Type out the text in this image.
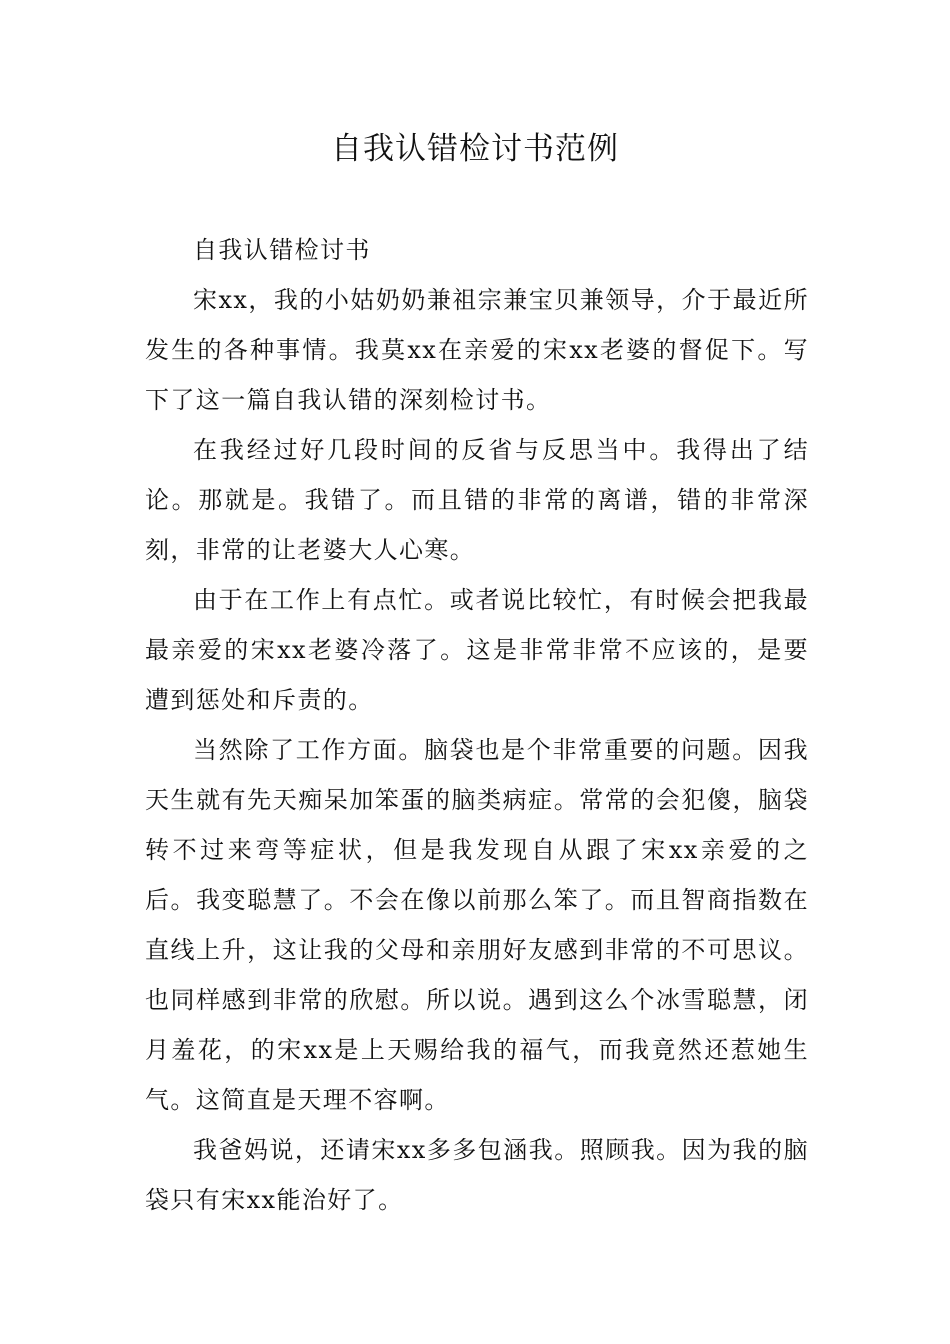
自我认错检讨书范例

自我认错检讨书

宋xx，我的小姑奶奶兼祖宗兼宝贝兼领导，介于最近所发生的各种事情。我莫xx在亲爱的宋xx老婆的督促下。写下了这一篇自我认错的深刻检讨书。

在我经过好几段时间的反省与反思当中。我得出了结论。那就是。我错了。而且错的非常的离谱，错的非常深刻，非常的让老婆大人心寒。

由于在工作上有点忙。或者说比较忙，有时候会把我最最亲爱的宋xx老婆冷落了。这是非常非常不应该的，是要遭到惩处和斥责的。

当然除了工作方面。脑袋也是个非常重要的问题。因我天生就有先天痴呆加笨蛋的脑类病症。常常的会犯傻，脑袋转不过来弯等症状，但是我发现自从跟了宋xx亲爱的之后。我变聪慧了。不会在像以前那么笨了。而且智商指数在直线上升，这让我的父母和亲朋好友感到非常的不可思议。也同样感到非常的欣慰。所以说。遇到这么个冰雪聪慧，闭月羞花，的宋xx是上天赐给我的福气，而我竟然还惹她生气。这简直是天理不容啊。

我爸妈说，还请宋xx多多包涵我。照顾我。因为我的脑袋只有宋xx能治好了。
